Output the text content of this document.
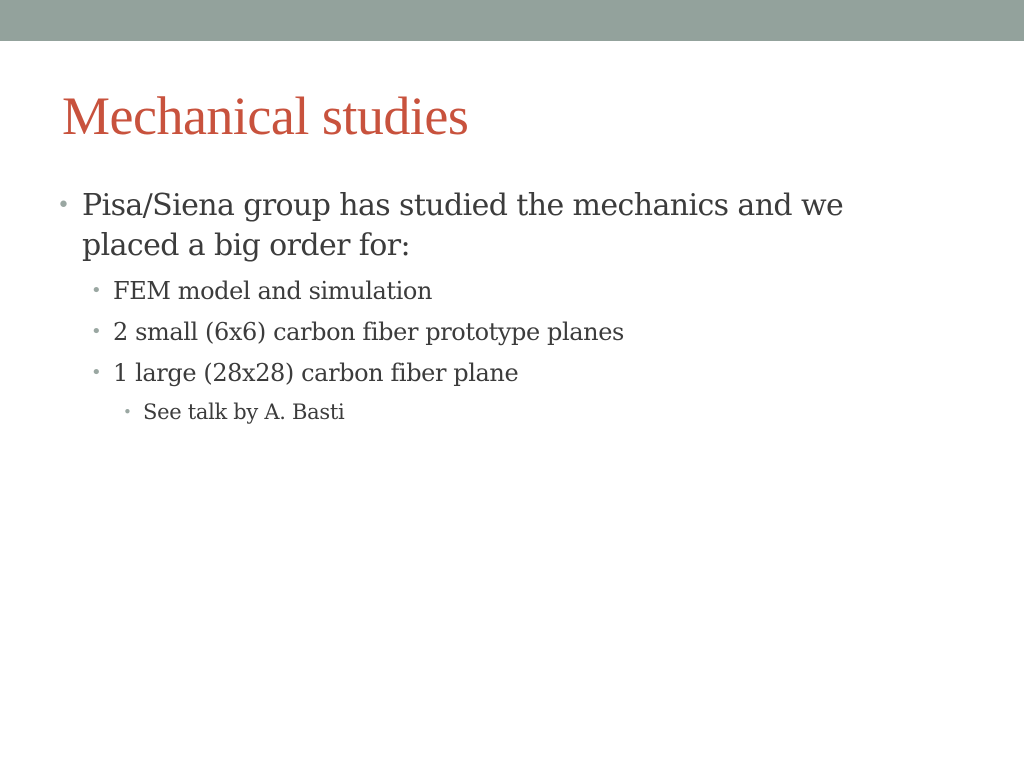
Mechanical studies
• Pisa/Siena group has studied the mechanics and we placed a big order for:
• FEM model and simulation
• 2 small (6x6) carbon fiber prototype planes
• 1 large (28x28) carbon fiber plane
• See talk by A. Basti
